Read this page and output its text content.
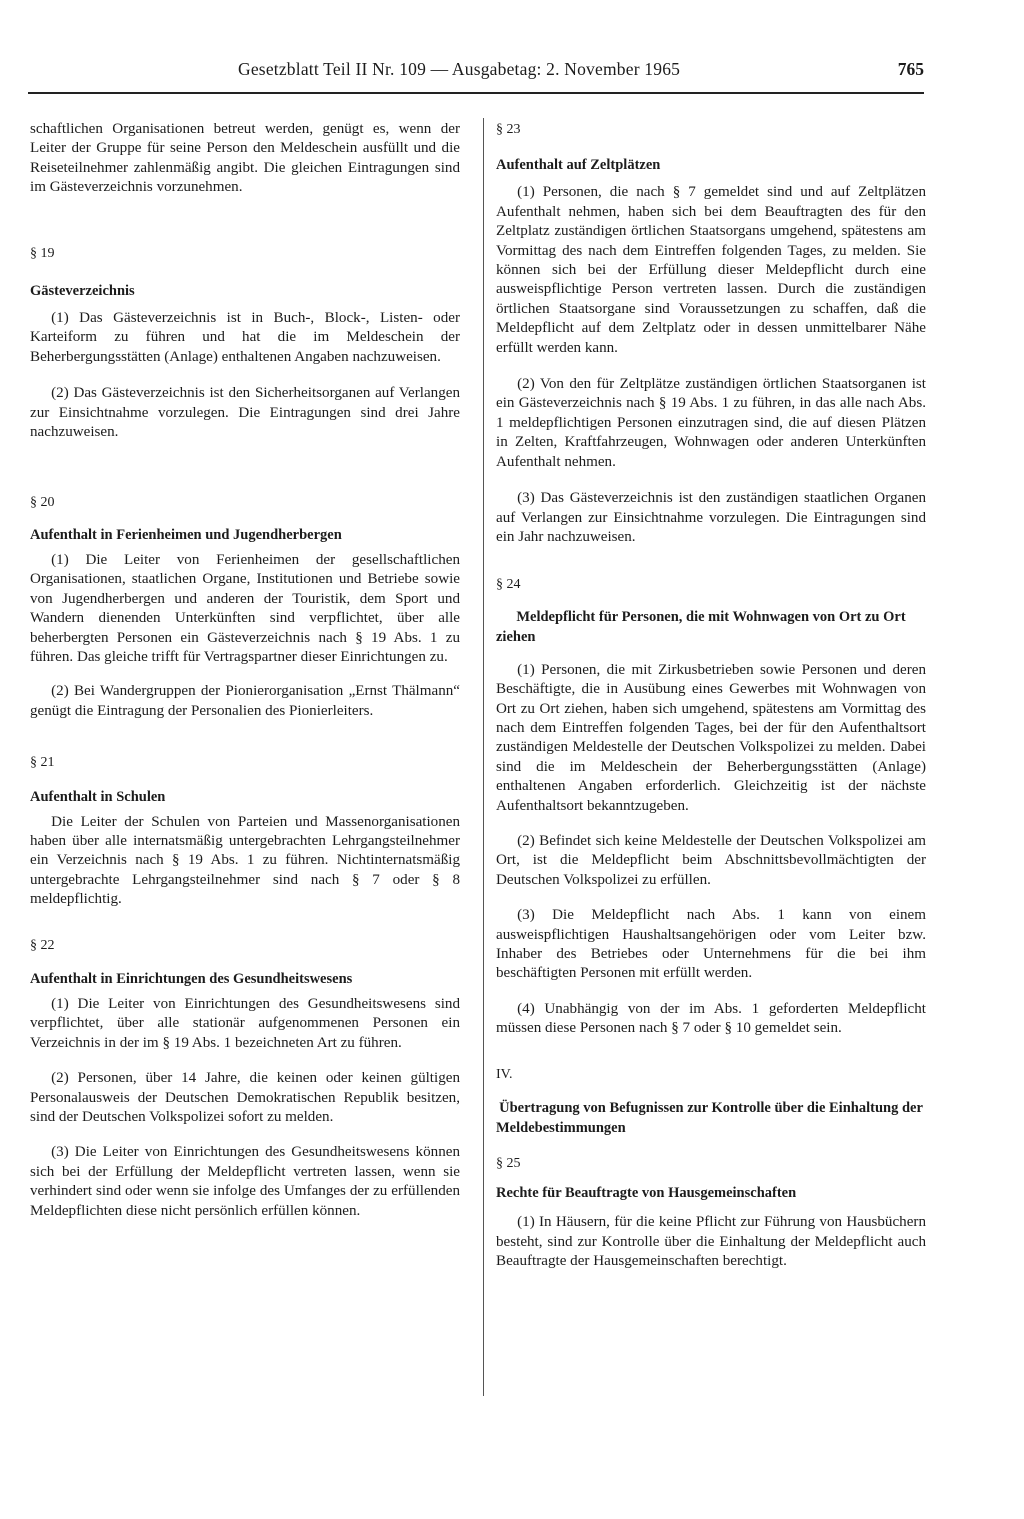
Gesetzblatt Teil II Nr. 109 — Ausgabetag: 2. November 1965	765

schaftlichen Organisationen betreut werden, genügt es, wenn der Leiter der Gruppe für seine Person den Meldeschein ausfüllt und die Reiseteilnehmer zahlenmäßig angibt. Die gleichen Eintragungen sind im Gästeverzeichnis vorzunehmen.

§ 19

Gästeverzeichnis

(1) Das Gästeverzeichnis ist in Buch-, Block-, Listen- oder Karteiform zu führen und hat die im Meldeschein der Beherbergungsstätten (Anlage) enthaltenen Angaben nachzuweisen.

(2) Das Gästeverzeichnis ist den Sicherheitsorganen auf Verlangen zur Einsichtnahme vorzulegen. Die Eintragungen sind drei Jahre nachzuweisen.

§ 20

Aufenthalt in Ferienheimen und Jugendherbergen

(1) Die Leiter von Ferienheimen der gesellschaftlichen Organisationen, staatlichen Organe, Institutionen und Betriebe sowie von Jugendherbergen und anderen der Touristik, dem Sport und Wandern dienenden Unterkünften sind verpflichtet, über alle beherbergten Personen ein Gästeverzeichnis nach § 19 Abs. 1 zu führen. Das gleiche trifft für Vertragspartner dieser Einrichtungen zu.

(2) Bei Wandergruppen der Pionierorganisation „Ernst Thälmann“ genügt die Eintragung der Personalien des Pionierleiters.

§ 21

Aufenthalt in Schulen

Die Leiter der Schulen von Parteien und Massenorganisationen haben über alle internatsmäßig untergebrachten Lehrgangsteilnehmer ein Verzeichnis nach § 19 Abs. 1 zu führen. Nichtinternatsmäßig untergebrachte Lehrgangsteilnehmer sind nach § 7 oder § 8 meldepflichtig.

§ 22

Aufenthalt in Einrichtungen des Gesundheitswesens

(1) Die Leiter von Einrichtungen des Gesundheitswesens sind verpflichtet, über alle stationär aufgenommenen Personen ein Verzeichnis in der im § 19 Abs. 1 bezeichneten Art zu führen.

(2) Personen, über 14 Jahre, die keinen oder keinen gültigen Personalausweis der Deutschen Demokratischen Republik besitzen, sind der Deutschen Volkspolizei sofort zu melden.

(3) Die Leiter von Einrichtungen des Gesundheitswesens können sich bei der Erfüllung der Meldepflicht vertreten lassen, wenn sie verhindert sind oder wenn sie infolge des Umfanges der zu erfüllenden Meldepflichten diese nicht persönlich erfüllen können.

§ 23

Aufenthalt auf Zeltplätzen

(1) Personen, die nach § 7 gemeldet sind und auf Zeltplätzen Aufenthalt nehmen, haben sich bei dem Beauftragten des für den Zeltplatz zuständigen örtlichen Staatsorgans umgehend, spätestens am Vormittag des nach dem Eintreffen folgenden Tages, zu melden. Sie können sich bei der Erfüllung dieser Meldepflicht durch eine ausweispflichtige Person vertreten lassen. Durch die zuständigen örtlichen Staatsorgane sind Voraussetzungen zu schaffen, daß die Meldepflicht auf dem Zeltplatz oder in dessen unmittelbarer Nähe erfüllt werden kann.

(2) Von den für Zeltplätze zuständigen örtlichen Staatsorganen ist ein Gästeverzeichnis nach § 19 Abs. 1 zu führen, in das alle nach Abs. 1 meldepflichtigen Personen einzutragen sind, die auf diesen Plätzen in Zelten, Kraftfahrzeugen, Wohnwagen oder anderen Unterkünften Aufenthalt nehmen.

(3) Das Gästeverzeichnis ist den zuständigen staatlichen Organen auf Verlangen zur Einsichtnahme vorzulegen. Die Eintragungen sind ein Jahr nachzuweisen.

§ 24

Meldepflicht für Personen, die mit Wohnwagen von Ort zu Ort ziehen

(1) Personen, die mit Zirkusbetrieben sowie Personen und deren Beschäftigte, die in Ausübung eines Gewerbes mit Wohnwagen von Ort zu Ort ziehen, haben sich umgehend, spätestens am Vormittag des nach dem Eintreffen folgenden Tages, bei der für den Aufenthaltsort zuständigen Meldestelle der Deutschen Volkspolizei zu melden. Dabei sind die im Meldeschein der Beherbergungsstätten (Anlage) enthaltenen Angaben erforderlich. Gleichzeitig ist der nächste Aufenthaltsort bekanntzugeben.

(2) Befindet sich keine Meldestelle der Deutschen Volkspolizei am Ort, ist die Meldepflicht beim Abschnittsbevollmächtigten der Deutschen Volkspolizei zu erfüllen.

(3) Die Meldepflicht nach Abs. 1 kann von einem ausweispflichtigen Haushaltsangehörigen oder vom Leiter bzw. Inhaber des Betriebes oder Unternehmens für die bei ihm beschäftigten Personen mit erfüllt werden.

(4) Unabhängig von der im Abs. 1 geforderten Meldepflicht müssen diese Personen nach § 7 oder § 10 gemeldet sein.

IV.

Übertragung von Befugnissen zur Kontrolle über die Einhaltung der Meldebestimmungen

§ 25

Rechte für Beauftragte von Hausgemeinschaften

(1) In Häusern, für die keine Pflicht zur Führung von Hausbüchern besteht, sind zur Kontrolle über die Einhaltung der Meldepflicht auch Beauftragte der Hausgemeinschaften berechtigt.
